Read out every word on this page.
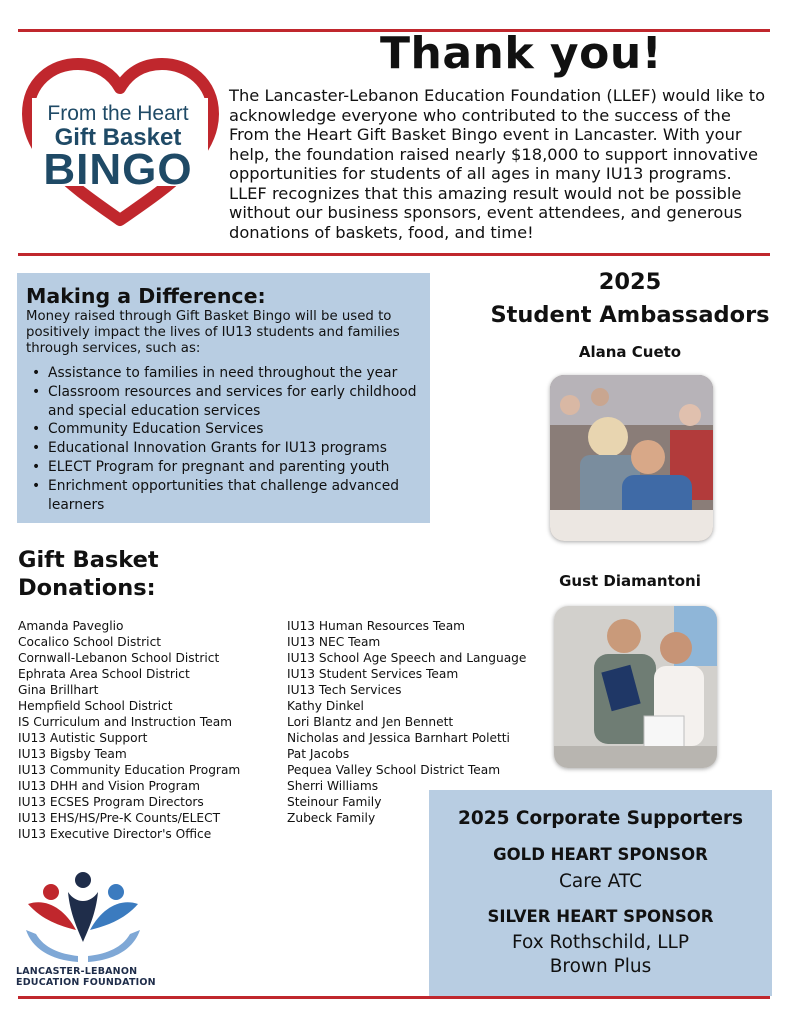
From the Heart
Gift Basket
BINGO
Thank you!
The Lancaster-Lebanon Education Foundation (LLEF) would like to acknowledge everyone who contributed to the success of the From the Heart Gift Basket Bingo event in Lancaster. With your help, the foundation raised nearly $18,000 to support innovative opportunities for students of all ages in many IU13 programs. LLEF recognizes that this amazing result would not be possible without our business sponsors, event attendees, and generous donations of baskets, food, and time!
Making a Difference:
Money raised through Gift Basket Bingo will be used to positively impact the lives of IU13 students and families through services, such as:
• Assistance to families in need throughout the year
• Classroom resources and services for early childhood and special education services
• Community Education Services
• Educational Innovation Grants for IU13 programs
• ELECT Program for pregnant and parenting youth
• Enrichment opportunities that challenge advanced learners
2025
Student Ambassadors
Alana Cueto
Gust Diamantoni
Gift Basket
Donations:
Amanda Paveglio
Cocalico School District
Cornwall-Lebanon School District
Ephrata Area School District
Gina Brillhart
Hempfield School District
IS Curriculum and Instruction Team
IU13 Autistic Support
IU13 Bigsby Team
IU13 Community Education Program
IU13 DHH and Vision Program
IU13 ECSES Program Directors
IU13 EHS/HS/Pre-K Counts/ELECT
IU13 Executive Director's Office
IU13 Human Resources Team
IU13 NEC Team
IU13 School Age Speech and Language
IU13 Student Services Team
IU13 Tech Services
Kathy Dinkel
Lori Blantz and Jen Bennett
Nicholas and Jessica Barnhart Poletti
Pat Jacobs
Pequea Valley School District Team
Sherri Williams
Steinour Family
Zubeck Family	2025 Corporate Supporters
GOLD HEART SPONSOR
Care ATC
SILVER HEART SPONSOR
Fox Rothschild, LLP
Brown Plus
LANCASTER-LEBANON
EDUCATION FOUNDATION
